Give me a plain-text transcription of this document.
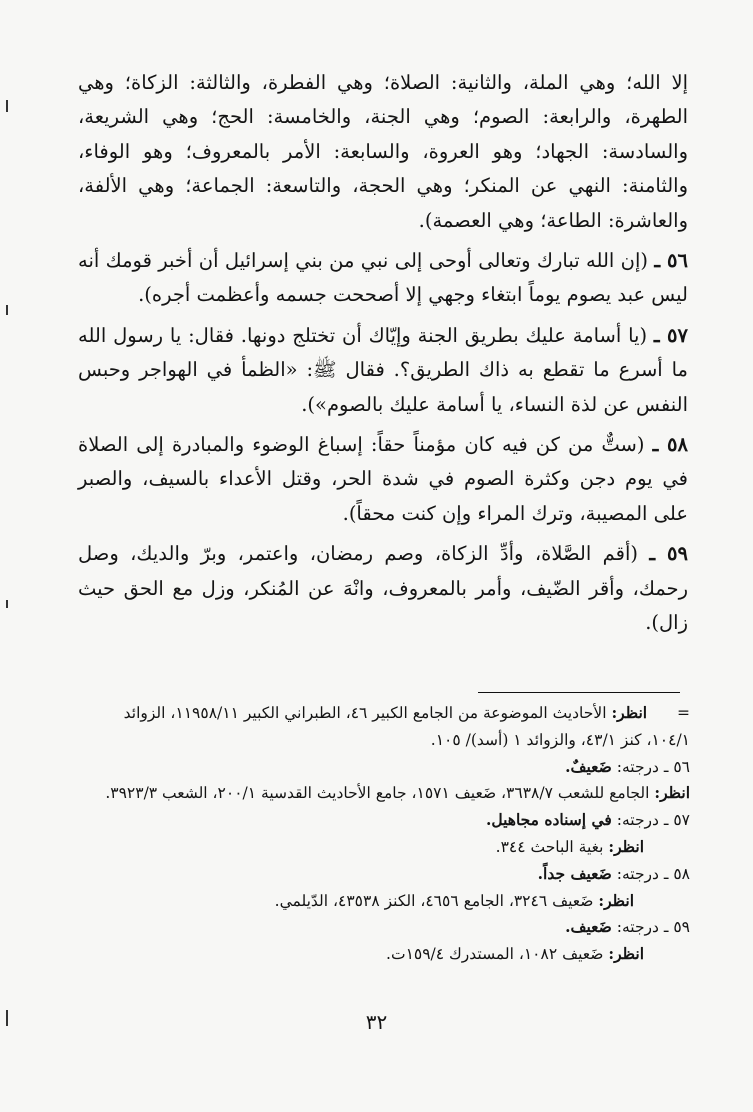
إلا الله؛ وهي الملة، والثانية: الصلاة؛ وهي الفطرة، والثالثة: الزكاة؛ وهي الطهرة، والرابعة: الصوم؛ وهي الجنة، والخامسة: الحج؛ وهي الشريعة، والسادسة: الجهاد؛ وهو العروة، والسابعة: الأمر بالمعروف؛ وهو الوفاء، والثامنة: النهي عن المنكر؛ وهي الحجة، والتاسعة: الجماعة؛ وهي الألفة، والعاشرة: الطاعة؛ وهي العصمة).

٥٦ ـ (إن الله تبارك وتعالى أوحى إلى نبي من بني إسرائيل أن أخبر قومك أنه ليس عبد يصوم يوماً ابتغاء وجهي إلا أصححت جسمه وأعظمت أجره).

٥٧ ـ (يا أسامة عليك بطريق الجنة وإيّاك أن تختلج دونها. فقال: يا رسول الله ما أسرع ما تقطع به ذاك الطريق؟. فقال ﷺ: «الظمأ في الهواجر وحبس النفس عن لذة النساء، يا أسامة عليك بالصوم»).

٥٨ ـ (ستٌّ من كن فيه كان مؤمناً حقاً: إسباغ الوضوء والمبادرة إلى الصلاة في يوم دجن وكثرة الصوم في شدة الحر، وقتل الأعداء بالسيف، والصبر على المصيبة، وترك المراء وإن كنت محقاً).

٥٩ ـ (أقم الصَّلاة، وأدِّ الزكاة، وصم رمضان، واعتمر، وبرّ والديك، وصل رحمك، وأقر الضّيف، وأمر بالمعروف، وانْهَ عن المُنكر، وزل مع الحق حيث زال).

= انظر: الأحاديث الموضوعة من الجامع الكبير ٤٦، الطبراني الكبير ١١٩٥٨/١١، الزوائد ١٠٤/١، كنز ٤٣/١، والزوائد ١ (أسد)/ ١٠٥.

٥٦ ـ درجته: ضَعيفٌ.

انظر: الجامع للشعب ٣٦٣٨/٧، ضَعيف ١٥٧١، جامع الأحاديث القدسية ٢٠٠/١، الشعب ٣٩٢٣/٣.

٥٧ ـ درجته: في إسناده مجاهيل.

انظر: بغية الباحث ٣٤٤.

٥٨ ـ درجته: ضَعيف جداً.

انظر: ضَعيف ٣٢٤٦، الجامع ٤٦٥٦، الكنز ٤٣٥٣٨، الدّيلمي.

٥٩ ـ درجته: ضَعيف.

انظر: ضَعيف ١٠٨٢، المستدرك ١٥٩/٤ت.

٣٢
